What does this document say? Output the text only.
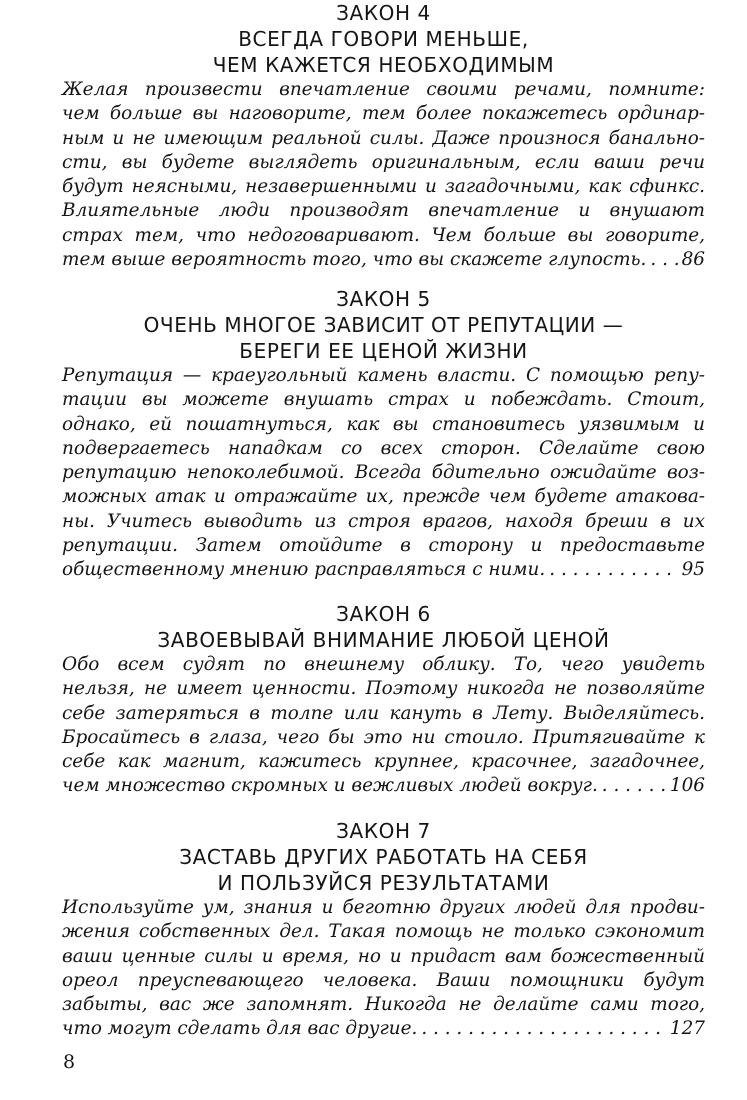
ЗАКОН 4
ВСЕГДА ГОВОРИ МЕНЬШЕ,
ЧЕМ КАЖЕТСЯ НЕОБХОДИМЫМ

Желая произвести впечатление своими речами, помните:
чем больше вы наговорите, тем более покажетесь ординар-
ным и не имеющим реальной силы. Даже произнося банально-
сти, вы будете выглядеть оригинальным, если ваши речи
будут неясными, незавершенными и загадочными, как сфинкс.
Влиятельные люди производят впечатление и внушают
страх тем, что недоговаривают. Чем больше вы говорите,
тем выше вероятность того, что вы скажете глупость. . . . 86

ЗАКОН 5
ОЧЕНЬ МНОГОЕ ЗАВИСИТ ОТ РЕПУТАЦИИ —
БЕРЕГИ ЕЕ ЦЕНОЙ ЖИЗНИ

Репутация — краеугольный камень власти. С помощью репу-
тации вы можете внушать страх и побеждать. Стоит,
однако, ей пошатнуться, как вы становитесь уязвимым и
подвергаетесь нападкам со всех сторон. Сделайте свою
репутацию непоколебимой. Всегда бдительно ожидайте воз-
можных атак и отражайте их, прежде чем будете атакова-
ны. Учитесь выводить из строя врагов, находя бреши в их
репутации. Затем отойдите в сторону и предоставьте
общественному мнению расправляться с ними. . . .	95

ЗАКОН 6
ЗАВОЕВЫВАЙ ВНИМАНИЕ ЛЮБОЙ ЦЕНОЙ

Обо всем судят по внешнему облику. То, чего увидеть
нельзя, не имеет ценности. Поэтому никогда не позволяйте
себе затеряться в толпе или кануть в Лету. Выделяйтесь.
Бросайтесь в глаза, чего бы это ни стоило. Притягивайте к
себе как магнит, кажитесь крупнее, красочнее, загадочнее,
чем множество скромных и вежливых людей вокруг. . . .	106

ЗАКОН 7
ЗАСТАВЬ ДРУГИХ РАБОТАТЬ НА СЕБЯ
И ПОЛЬЗУЙСЯ РЕЗУЛЬТАТАМИ

Используйте ум, знания и беготню других людей для продви-
жения собственных дел. Такая помощь не только сэкономит
ваши ценные силы и время, но и придаст вам божественный
ореол преуспевающего человека. Ваши помощники будут
забыты, вас же запомнят. Никогда не делайте сами того,
что могут сделать для вас другие. . . .	127

8
